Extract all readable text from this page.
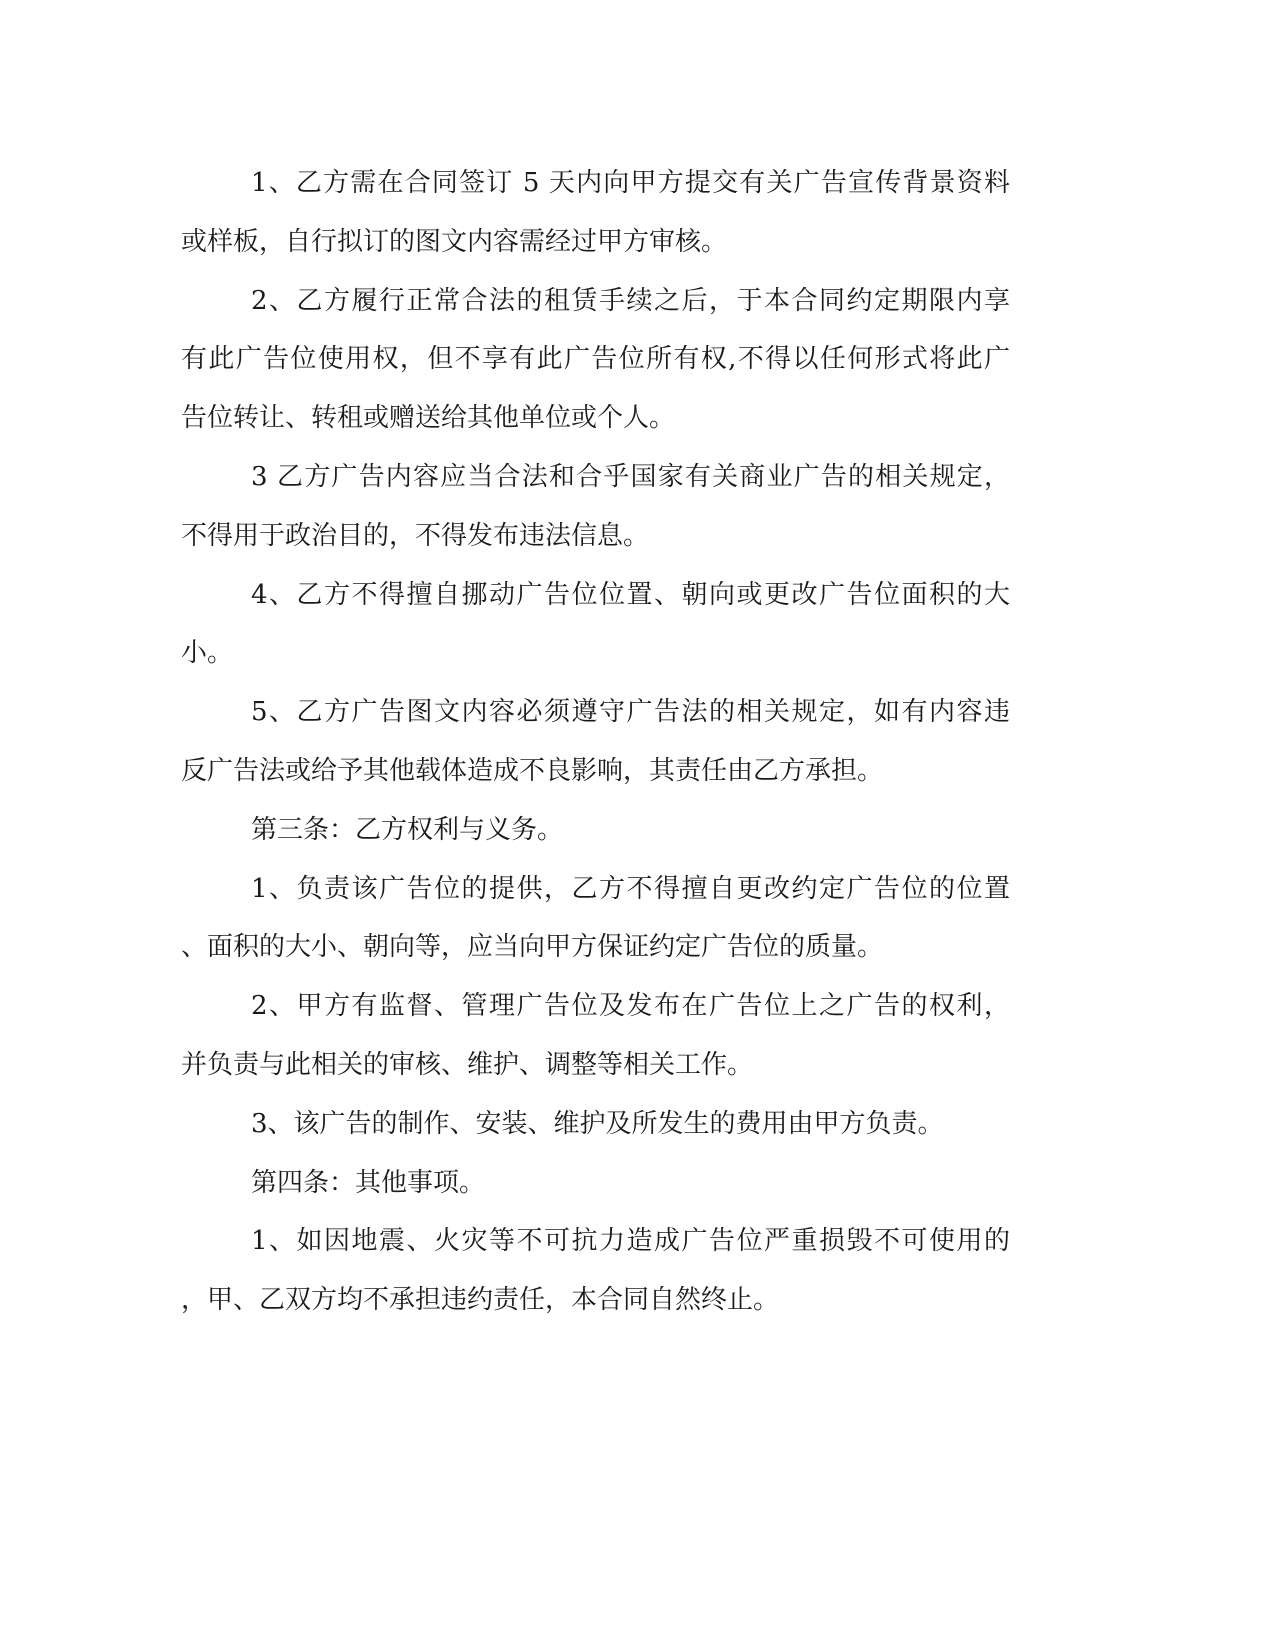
1、乙方需在合同签订 5 天内向甲方提交有关广告宣传背景资料
或样板，自行拟订的图文内容需经过甲方审核。
2、乙方履行正常合法的租赁手续之后，于本合同约定期限内享
有此广告位使用权，但不享有此广告位所有权,不得以任何形式将此广
告位转让、转租或赠送给其他单位或个人。
3 乙方广告内容应当合法和合乎国家有关商业广告的相关规定，
不得用于政治目的，不得发布违法信息。
4、乙方不得擅自挪动广告位位置、朝向或更改广告位面积的大
小。
5、乙方广告图文内容必须遵守广告法的相关规定，如有内容违
反广告法或给予其他载体造成不良影响，其责任由乙方承担。
第三条：乙方权利与义务。
1、负责该广告位的提供，乙方不得擅自更改约定广告位的位置
、面积的大小、朝向等，应当向甲方保证约定广告位的质量。
2、甲方有监督、管理广告位及发布在广告位上之广告的权利，
并负责与此相关的审核、维护、调整等相关工作。
3、该广告的制作、安装、维护及所发生的费用由甲方负责。
第四条：其他事项。
1、如因地震、火灾等不可抗力造成广告位严重损毁不可使用的
，甲、乙双方均不承担违约责任，本合同自然终止。
